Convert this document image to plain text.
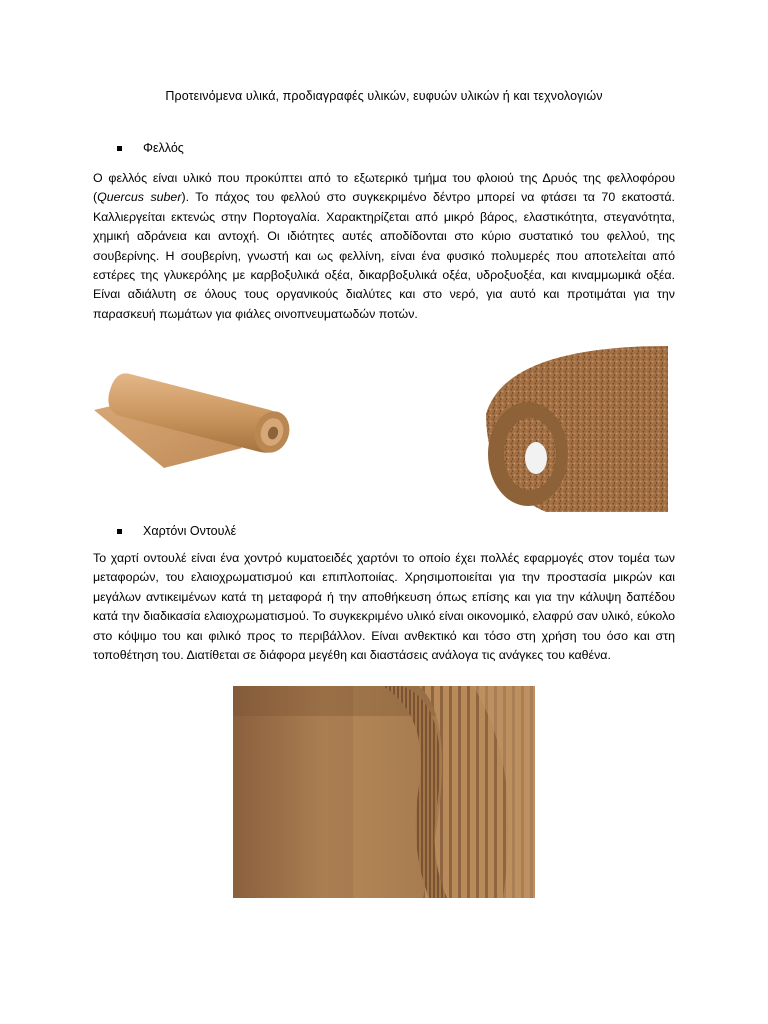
Προτεινόμενα υλικά, προδιαγραφές υλικών, ευφυών υλικών ή και τεχνολογιών
Φελλός
Ο φελλός είναι υλικό που προκύπτει από το εξωτερικό τμήμα του φλοιού της Δρυός της φελλοφόρου (Quercus suber). Το πάχος του φελλού στο συγκεκριμένο δέντρο μπορεί να φτάσει τα 70 εκατοστά. Καλλιεργείται εκτενώς στην Πορτογαλία. Χαρακτηρίζεται από μικρό βάρος, ελαστικότητα, στεγανότητα, χημική αδράνεια και αντοχή. Οι ιδιότητες αυτές αποδίδονται στο κύριο συστατικό του φελλού, της σουβερίνης. Η σουβερίνη, γνωστή και ως φελλίνη, είναι ένα φυσικό πολυμερές που αποτελείται από εστέρες της γλυκερόλης με καρβοξυλικά οξέα, δικαρβοξυλικά οξέα, υδροξυοξέα, και κιναμμωμικά οξέα. Είναι αδιάλυτη σε όλους τους οργανικούς διαλύτες και στο νερό, για αυτό και προτιμάται για την παρασκευή πωμάτων για φιάλες οινοπνευματωδών ποτών.
Χαρτόνι Οντουλέ
Το χαρτί οντουλέ είναι ένα χοντρό κυματοειδές χαρτόνι το οποίο έχει πολλές εφαρμογές στον τομέα των μεταφορών, του ελαιοχρωματισμού και επιπλοποιίας. Χρησιμοποιείται για την προστασία μικρών και μεγάλων αντικειμένων κατά τη μεταφορά ή την αποθήκευση όπως επίσης και για την κάλυψη δαπέδου κατά την διαδικασία ελαιοχρωματισμού. Το συγκεκριμένο υλικό είναι οικονομικό, ελαφρύ σαν υλικό, εύκολο στο κόψιμο του και φιλικό προς το περιβάλλον. Είναι ανθεκτικό και τόσο στη χρήση του όσο και στη τοποθέτηση του. Διατίθεται σε διάφορα μεγέθη και διαστάσεις ανάλογα τις ανάγκες του καθένα.
